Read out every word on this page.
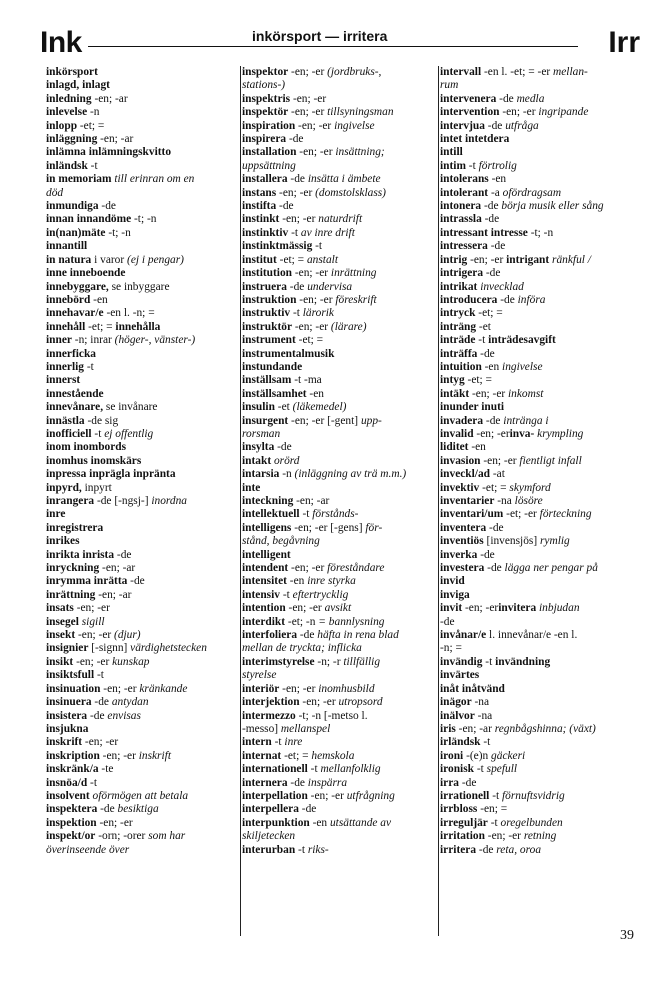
Ink	inkörsport — irritera	Irr
inkörsport
inlagd, inlagt
inledning -en; -ar
inlevelse -n
inlopp -et; =
inläggning -en; -ar
inlämna inlämningskvitto
inländsk -t
in memoriam till erinran om en
död
inmundiga -de
innan innandöme -t; -n
in(nan)mäte -t; -n
innantill
in natura i varor (ej i pengar)
inne inneboende
innebyggare, se inbyggare
innebörd -en
innehavar/e -en l. -n; =
innehåll -et; = innehålla
inner -n; inrar (höger-, vänster-)
innerficka
innerlig -t
innerst
innestående
innevånare, se invånare
innästla -de sig
inofficiell -t ej offentlig
inom inombords
inomhus inomskärs
inpressa inprägla inpränta
inpyrd, inpyrt
inrangera -de [-ngsj-] inordna
inre
inregistrera
inrikes
inrikta inrista -de
inryckning -en; -ar
inrymma inrätta -de
inrättning -en; -ar
insats -en; -er
insegel sigill
insekt -en; -er (djur)
insignier [-signn] värdighetstecken
insikt -en; -er kunskap
insiktsfull -t
insinuation -en; -er kränkande
insinuera -de antydan
insistera -de envisas
insjukna
inskrift -en; -er
inskription -en; -er inskrift
inskränk/a -te
insnöa/d -t
insolvent oförmögen att betala
inspektera -de besiktiga
inspektion -en; -er
inspekt/or -orn; -orer som har
överinseende över
inspektor -en; -er (jordbruks-,
stations-)
inspektris -en; -er
inspektör -en; -er tillsyningsman
inspiration -en; -er ingivelse
inspirera -de
installation -en; -er insättning;
uppsättning
installera -de insätta i ämbete
instans -en; -er (domstolsklass)
instifta -de
instinkt -en; -er naturdrift
instinktiv -t av inre drift
instinktmässig -t
institut -et; = anstalt
institution -en; -er inrättning
instruera -de undervisa
instruktion -en; -er föreskrift
instruktiv -t lärorik
instruktör -en; -er (lärare)
instrument -et; =
instrumentalmusik
instundande
inställsam -t -ma
inställsamhet -en
insulin -et (läkemedel)
insurgent -en; -er [-gent] upp-
rorsman
insylta -de
intakt orörd
intarsia -n (inläggning av trä m.m.)
inte
inteckning -en; -ar
intellektuell -t förstånds-
intelligens -en; -er [-gens] för-
stånd, begåvning
intelligent
intendent -en; -er föreståndare
intensitet -en inre styrka
intensiv -t eftertrycklig
intention -en; -er avsikt
interdikt -et; -n = bannlysning
interfoliera -de häfta in rena blad
mellan de tryckta; inflicka
interimstyrelse -n; -r tillfällig
styrelse
interiör -en; -er inomhusbild
interjektion -en; -er utropsord
intermezzo -t; -n [-metso l.
-messo] mellanspel
intern -t inre
internat -et; = hemskola
internationell -t mellanfolklig
internera -de inspärra
interpellation -en; -er utfrågning
interpellera -de
interpunktion -en utsättande av
skiljetecken
interurban -t riks-
intervall -en l. -et; = -er mellan-
rum
intervenera -de medla
intervention -en; -er ingripande
intervjua -de utfråga
intet intetdera
intill
intim -t förtrolig
intolerans -en
intolerant -a ofördragsam
intonera -de börja musik eller sång
intrassla -de
intressant intresse -t; -n
intressera -de
intrig -en; -er intrigant ränkful /
intrigera -de
intrikat invecklad
introducera -de införa
intryck -et; =
inträng -et
inträde -t inträdesavgift
inträffa -de
intuition -en ingivelse
intyg -et; =
intäkt -en; -er inkomst
inunder inuti
invadera -de intränga i
invalid -en; -erinva- krympling
liditet -en
invasion -en; -er fientligt infall
inveckl/ad -at
invektiv -et; = skymford
inventarier -na lösöre
inventari/um -et; -er förteckning
inventera -de
inventiös [invensjös] rymlig
inverka -de
investera -de lägga ner pengar på
invid
inviga
invit -en; -erinvitera inbjudan
-de
invånar/e l. innevånar/e -en l.
-n; =
invändig -t invändning
invärtes
inåt inåtvänd
inägor -na
inälvor -na
iris -en; -ar regnbågshinna; (växt)
irländsk -t
ironi -(e)n gäckeri
ironisk -t spefull
irra -de
irrationell -t förnuftsvidrig
irrbloss -en; =
irreguljär -t oregelbunden
irritation -en; -er retning
irritera -de reta, oroa
39
